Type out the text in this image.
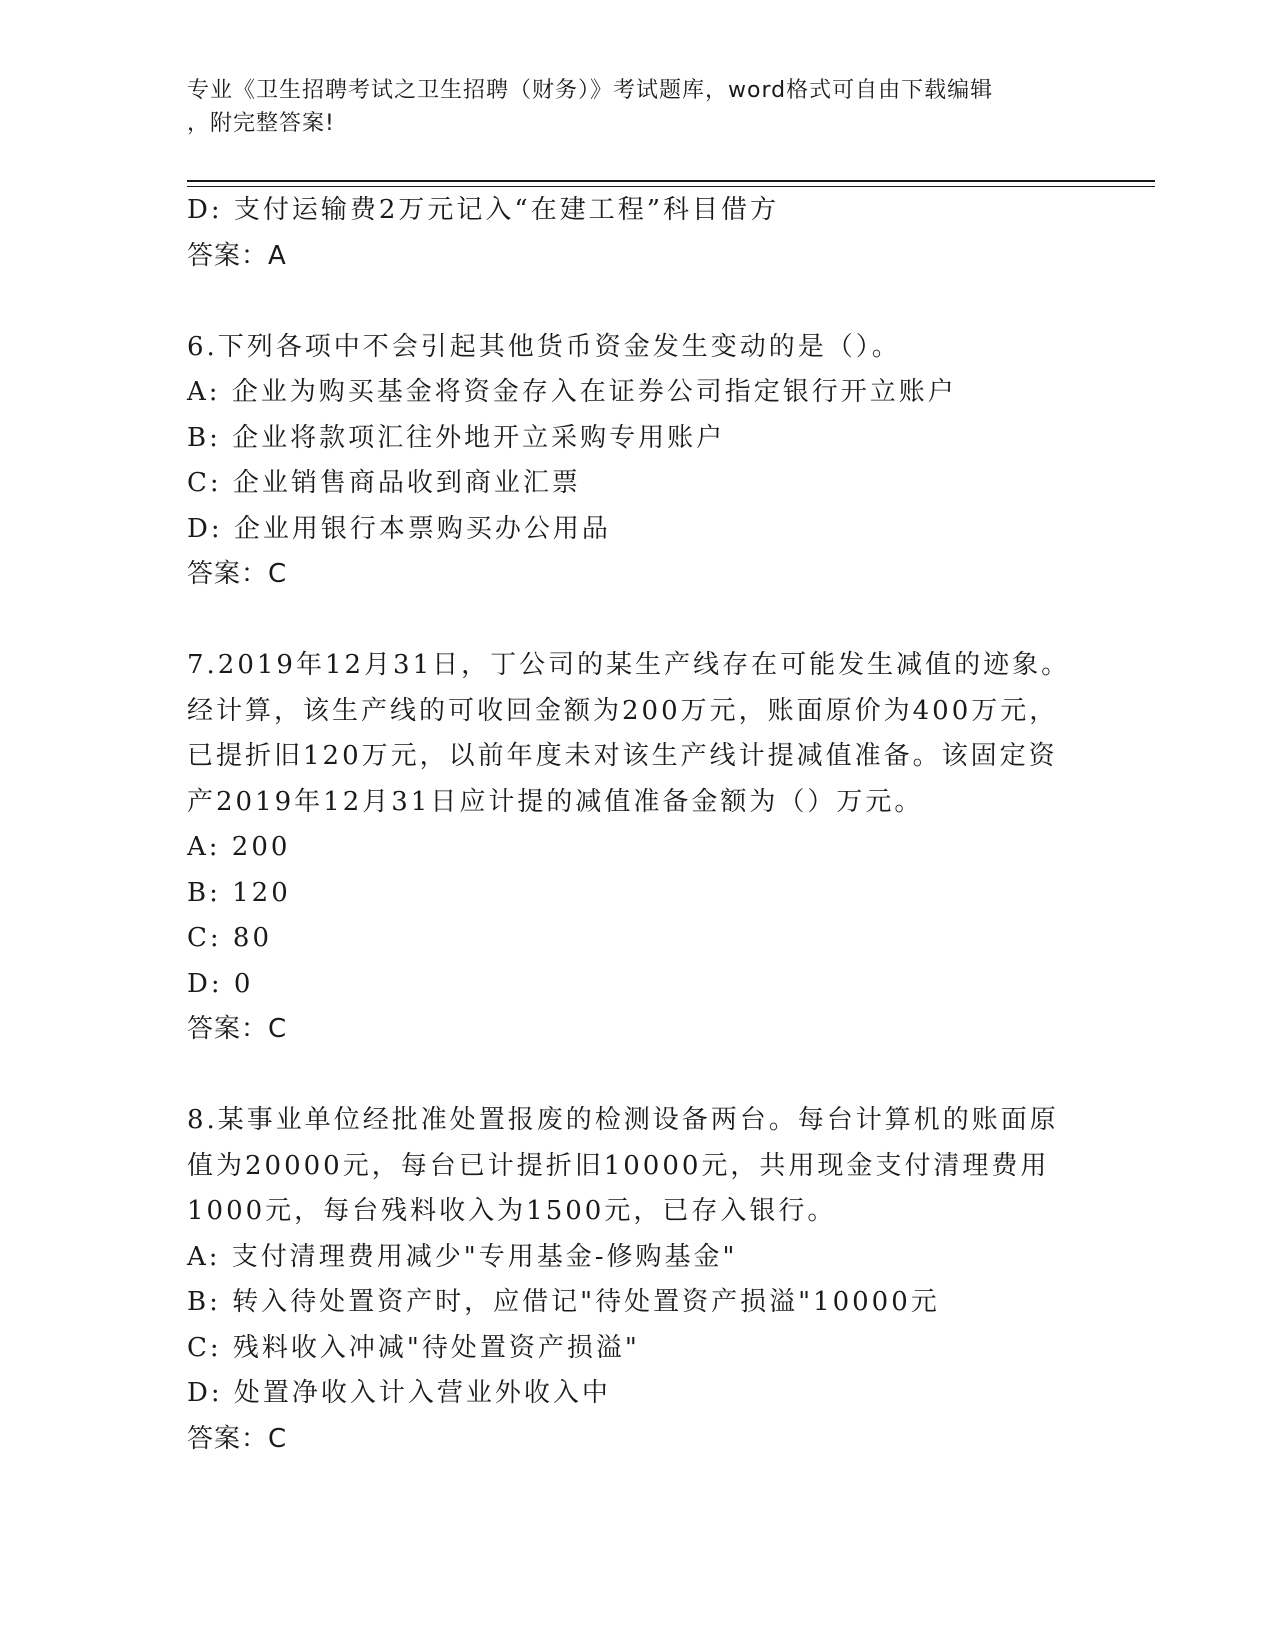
专业《卫生招聘考试之卫生招聘（财务）》考试题库，word格式可自由下载编辑
，附完整答案!
D: 支付运输费2万元记入“在建工程”科目借方
答案：A
6.下列各项中不会引起其他货币资金发生变动的是（）。
A: 企业为购买基金将资金存入在证券公司指定银行开立账户
B: 企业将款项汇往外地开立采购专用账户
C: 企业销售商品收到商业汇票
D: 企业用银行本票购买办公用品
答案：C
7.2019年12月31日，丁公司的某生产线存在可能发生减值的迹象。
经计算，该生产线的可收回金额为200万元，账面原价为400万元，
已提折旧120万元，以前年度未对该生产线计提减值准备。该固定资
产2019年12月31日应计提的减值准备金额为（）万元。
A: 200
B: 120
C: 80
D: 0
答案：C
8.某事业单位经批准处置报废的检测设备两台。每台计算机的账面原
值为20000元，每台已计提折旧10000元，共用现金支付清理费用
1000元，每台残料收入为1500元，已存入银行。
A: 支付清理费用减少"专用基金-修购基金"
B: 转入待处置资产时，应借记"待处置资产损溢"10000元
C: 残料收入冲减"待处置资产损溢"
D: 处置净收入计入营业外收入中
答案：C
